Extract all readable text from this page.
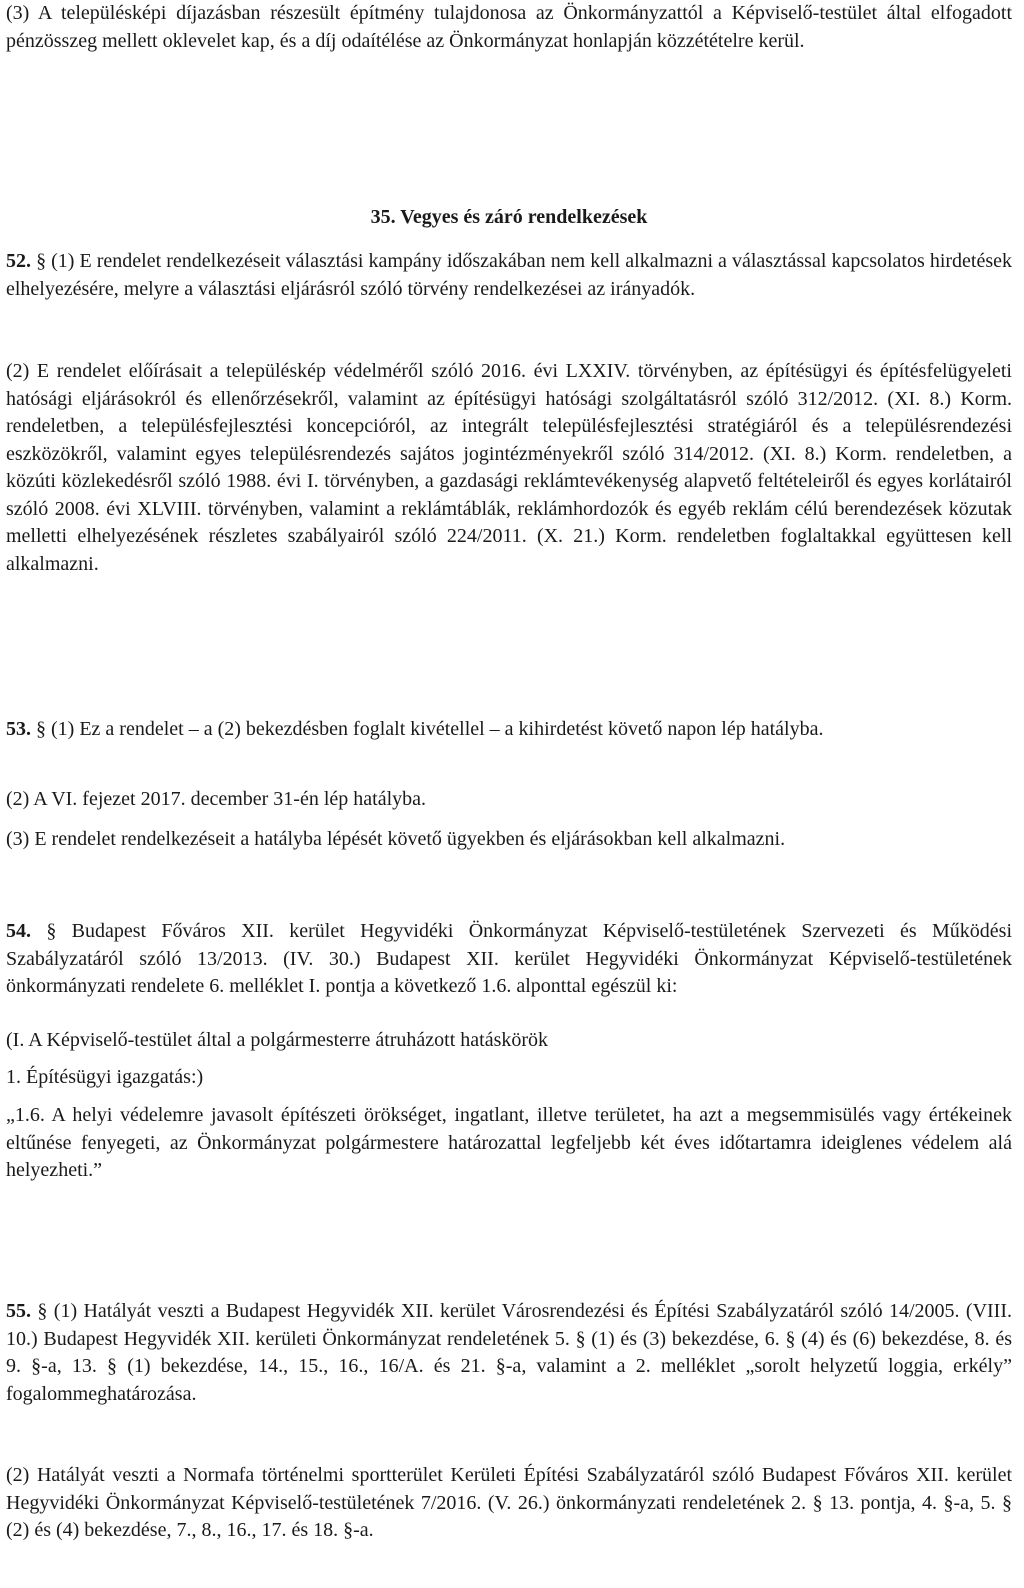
(3) A településképi díjazásban részesült építmény tulajdonosa az Önkormányzattól a Képviselő-testület által elfogadott pénzösszeg mellett oklevelet kap, és a díj odaítélése az Önkormányzat honlapján közzétételre kerül.

35. Vegyes és záró rendelkezések

52. § (1) E rendelet rendelkezéseit választási kampány időszakában nem kell alkalmazni a választással kapcsolatos hirdetések elhelyezésére, melyre a választási eljárásról szóló törvény rendelkezései az irányadók.

(2) E rendelet előírásait a településkép védelméről szóló 2016. évi LXXIV. törvényben, az építésügyi és építésfelügyeleti hatósági eljárásokról és ellenőrzésekről, valamint az építésügyi hatósági szolgáltatásról szóló 312/2012. (XI. 8.) Korm. rendeletben, a településfejlesztési koncepcióról, az integrált településfejlesztési stratégiáról és a településrendezési eszközökről, valamint egyes településrendezés sajátos jogintézményekről szóló 314/2012. (XI. 8.) Korm. rendeletben, a közúti közlekedésről szóló 1988. évi I. törvényben, a gazdasági reklámtevékenység alapvető feltételeiről és egyes korlátairól szóló 2008. évi XLVIII. törvényben, valamint a reklámtáblák, reklámhordozók és egyéb reklám célú berendezések közutak melletti elhelyezésének részletes szabályairól szóló 224/2011. (X. 21.) Korm. rendeletben foglaltakkal együttesen kell alkalmazni.

53. § (1) Ez a rendelet – a (2) bekezdésben foglalt kivétellel – a kihirdetést követő napon lép hatályba.

(2) A VI. fejezet 2017. december 31-én lép hatályba.

(3) E rendelet rendelkezéseit a hatályba lépését követő ügyekben és eljárásokban kell alkalmazni.

54. § Budapest Főváros XII. kerület Hegyvidéki Önkormányzat Képviselő-testületének Szervezeti és Működési Szabályzatáról szóló 13/2013. (IV. 30.) Budapest XII. kerület Hegyvidéki Önkormányzat Képviselő-testületének önkormányzati rendelete 6. melléklet I. pontja a következő 1.6. alponttal egészül ki:

(I. A Képviselő-testület által a polgármesterre átruházott hatáskörök

1. Építésügyi igazgatás:)

„1.6. A helyi védelemre javasolt építészeti örökséget, ingatlant, illetve területet, ha azt a megsemmisülés vagy értékeinek eltűnése fenyegeti, az Önkormányzat polgármestere határozattal legfeljebb két éves időtartamra ideiglenes védelem alá helyezheti.”

55. § (1) Hatályát veszti a Budapest Hegyvidék XII. kerület Városrendezési és Építési Szabályzatáról szóló 14/2005. (VIII. 10.) Budapest Hegyvidék XII. kerületi Önkormányzat rendeletének 5. § (1) és (3) bekezdése, 6. § (4) és (6) bekezdése, 8. és 9. §-a, 13. § (1) bekezdése, 14., 15., 16., 16/A. és 21. §-a, valamint a 2. melléklet „sorolt helyzetű loggia, erkély” fogalommeghatározása.

(2) Hatályát veszti a Normafa történelmi sportterület Kerületi Építési Szabályzatáról szóló Budapest Főváros XII. kerület Hegyvidéki Önkormányzat Képviselő-testületének 7/2016. (V. 26.) önkormányzati rendeletének 2. § 13. pontja, 4. §-a, 5. § (2) és (4) bekezdése, 7., 8., 16., 17. és 18. §-a.
